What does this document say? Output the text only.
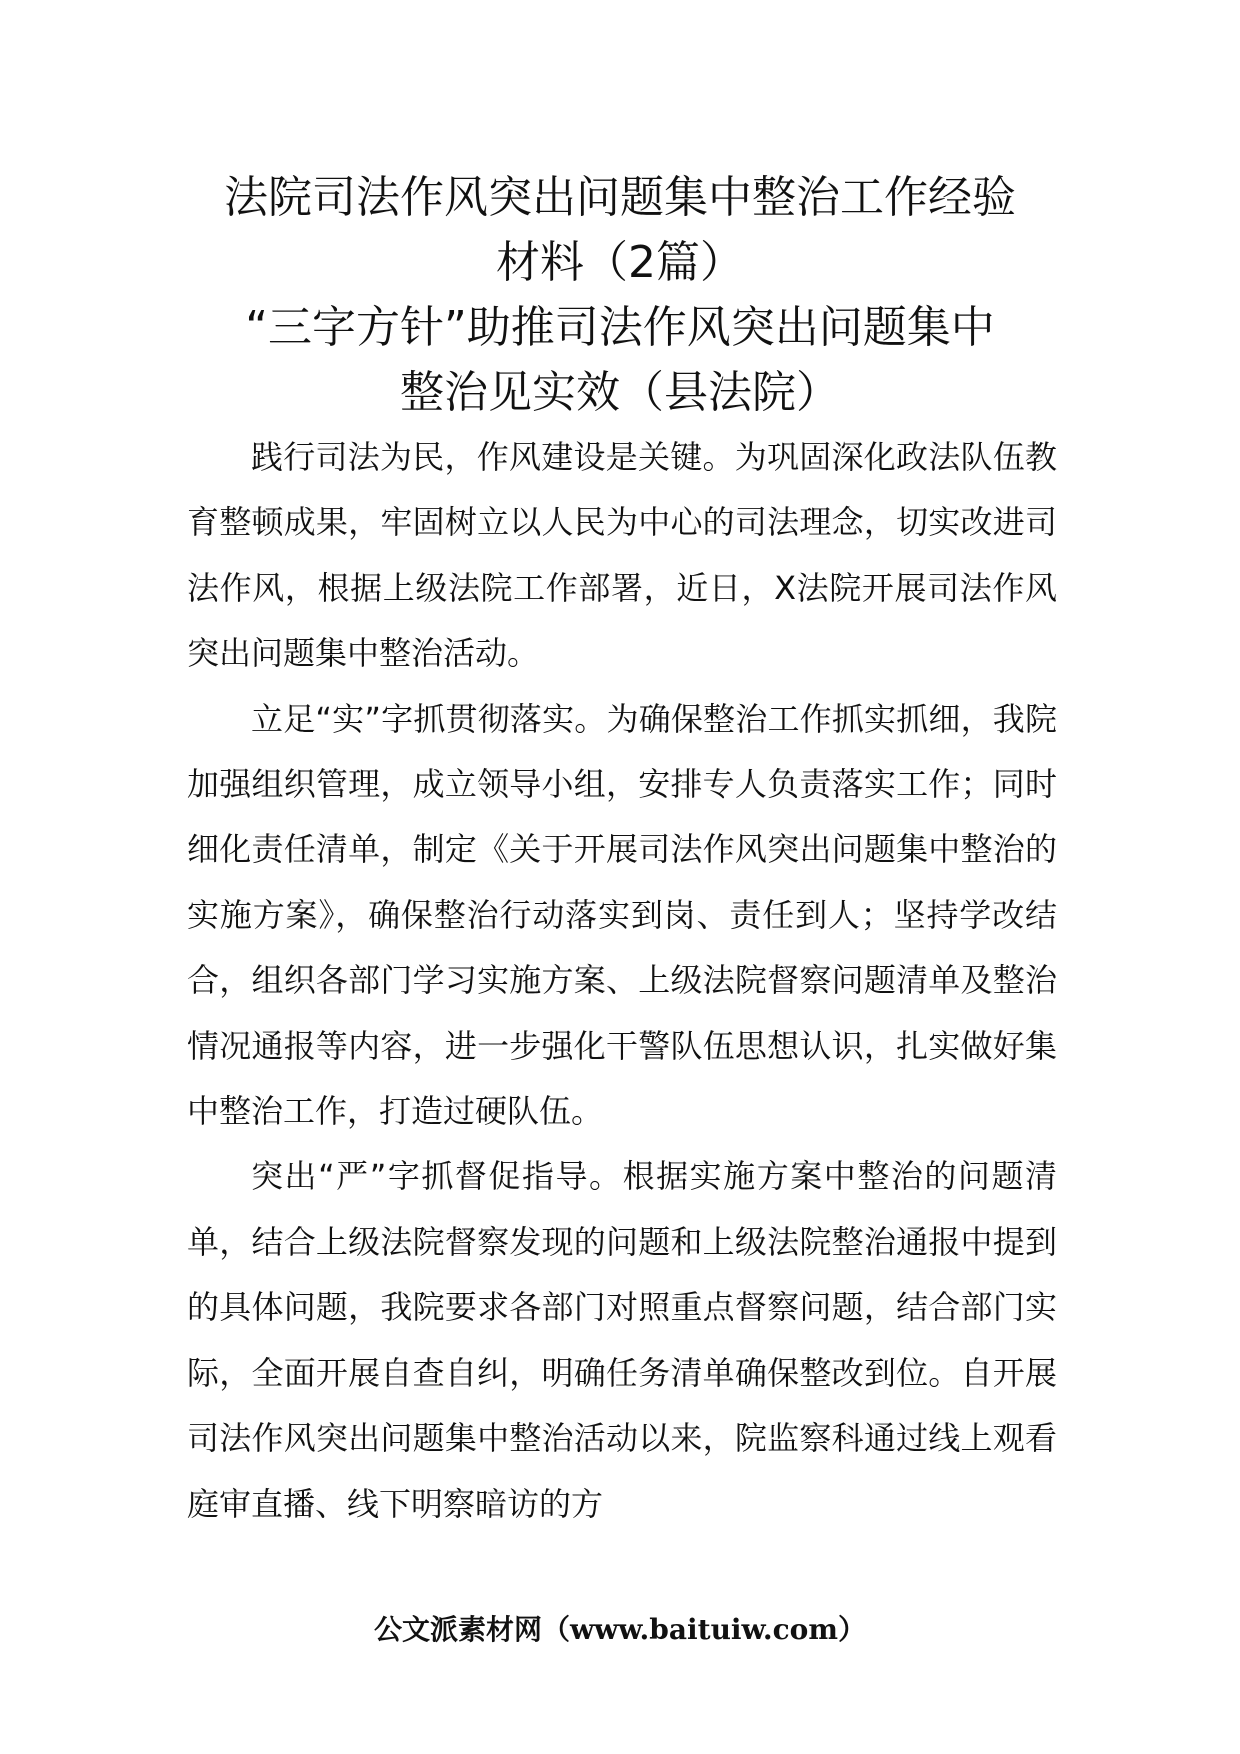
法院司法作风突出问题集中整治工作经验
材料（2篇）
“三字方针”助推司法作风突出问题集中
整治见实效（县法院）

践行司法为民，作风建设是关键。为巩固深化政法队伍教育整顿成果，牢固树立以人民为中心的司法理念，切实改进司法作风，根据上级法院工作部署，近日，X法院开展司法作风突出问题集中整治活动。

立足“实”字抓贯彻落实。为确保整治工作抓实抓细，我院加强组织管理，成立领导小组，安排专人负责落实工作；同时细化责任清单，制定《关于开展司法作风突出问题集中整治的实施方案》，确保整治行动落实到岗、责任到人；坚持学改结合，组织各部门学习实施方案、上级法院督察问题清单及整治情况通报等内容，进一步强化干警队伍思想认识，扎实做好集中整治工作，打造过硬队伍。

突出“严”字抓督促指导。根据实施方案中整治的问题清单，结合上级法院督察发现的问题和上级法院整治通报中提到的具体问题，我院要求各部门对照重点督察问题，结合部门实际，全面开展自查自纠，明确任务清单确保整改到位。自开展司法作风突出问题集中整治活动以来，院监察科通过线上观看庭审直播、线下明察暗访的方

公文派素材网（www.baituiw.com）
